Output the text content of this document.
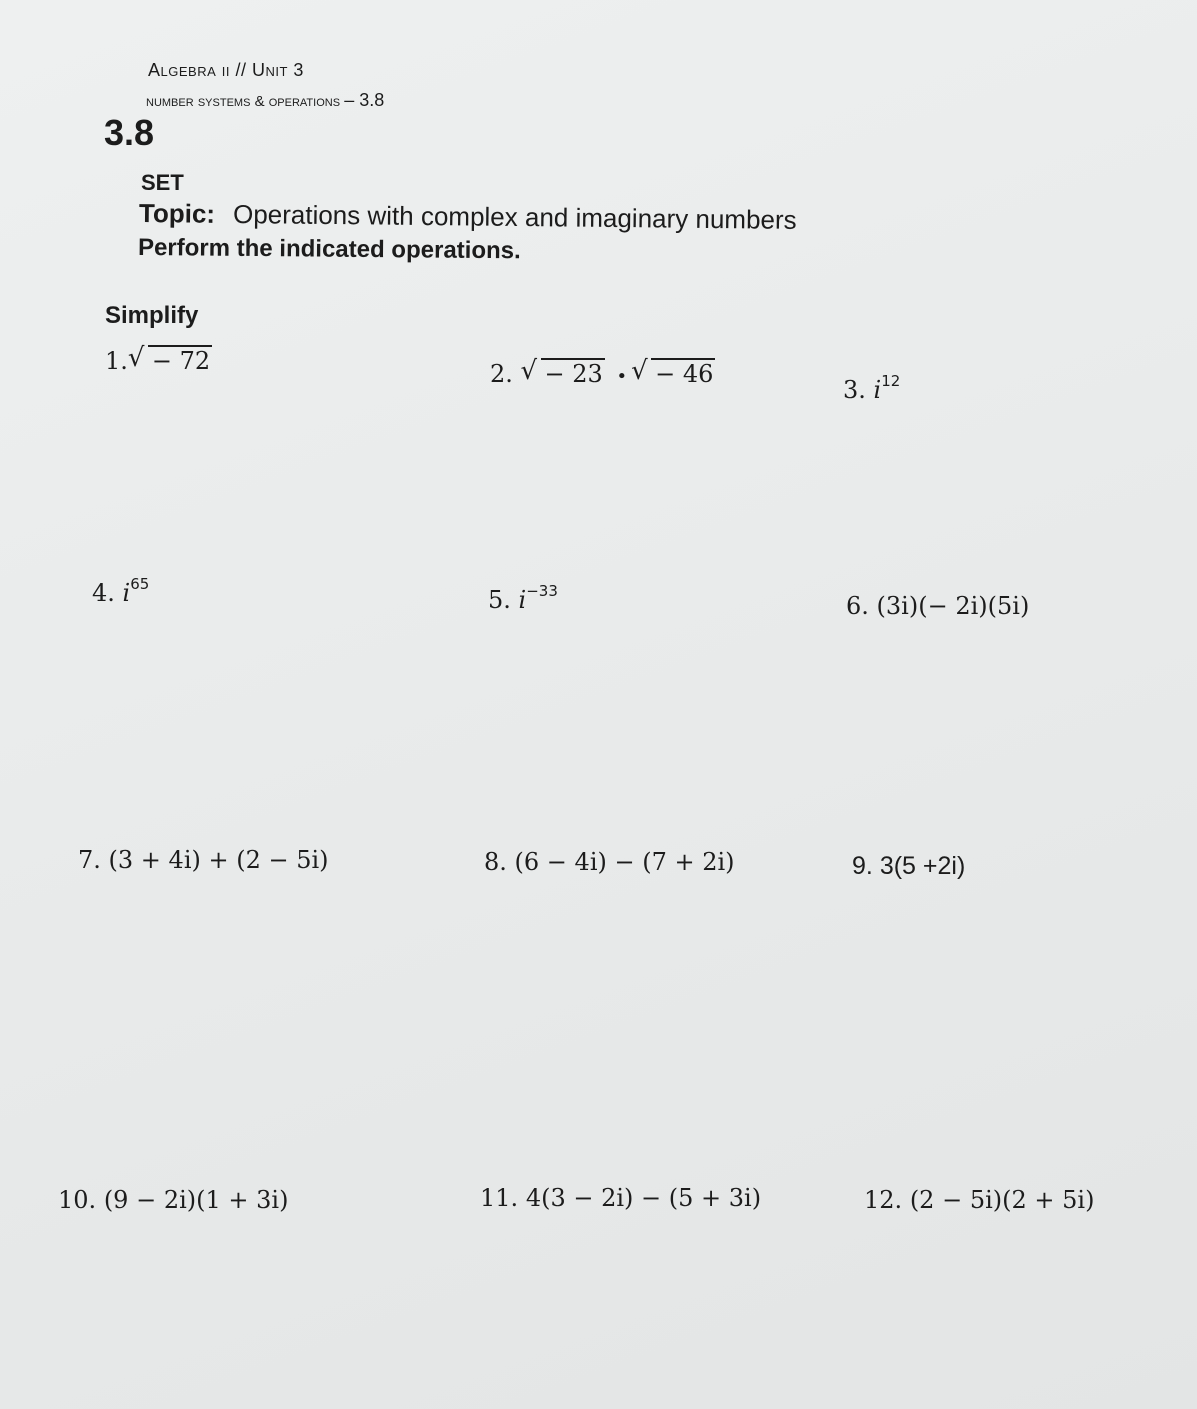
Algebra ii // Unit 3
number systems & operations – 3.8
3.8
SET
Topic: Operations with complex and imaginary numbers
Perform the indicated operations.
Simplify
1. √ − 72	2. √ − 23 • √ − 46
3. $i^{12}$
4. $i^{65}$
5. $i^{-33}$
6. (3i)(− 2i)(5i)
7. (3 + 4i) + (2 − 5i)	8. (6 − 4i) − (7 + 2i)	9. 3(5 +2i)
10. (9 − 2i)(1 + 3i)	11. 4(3 − 2i) − (5 + 3i)	12. (2 − 5i)(2 + 5i)
